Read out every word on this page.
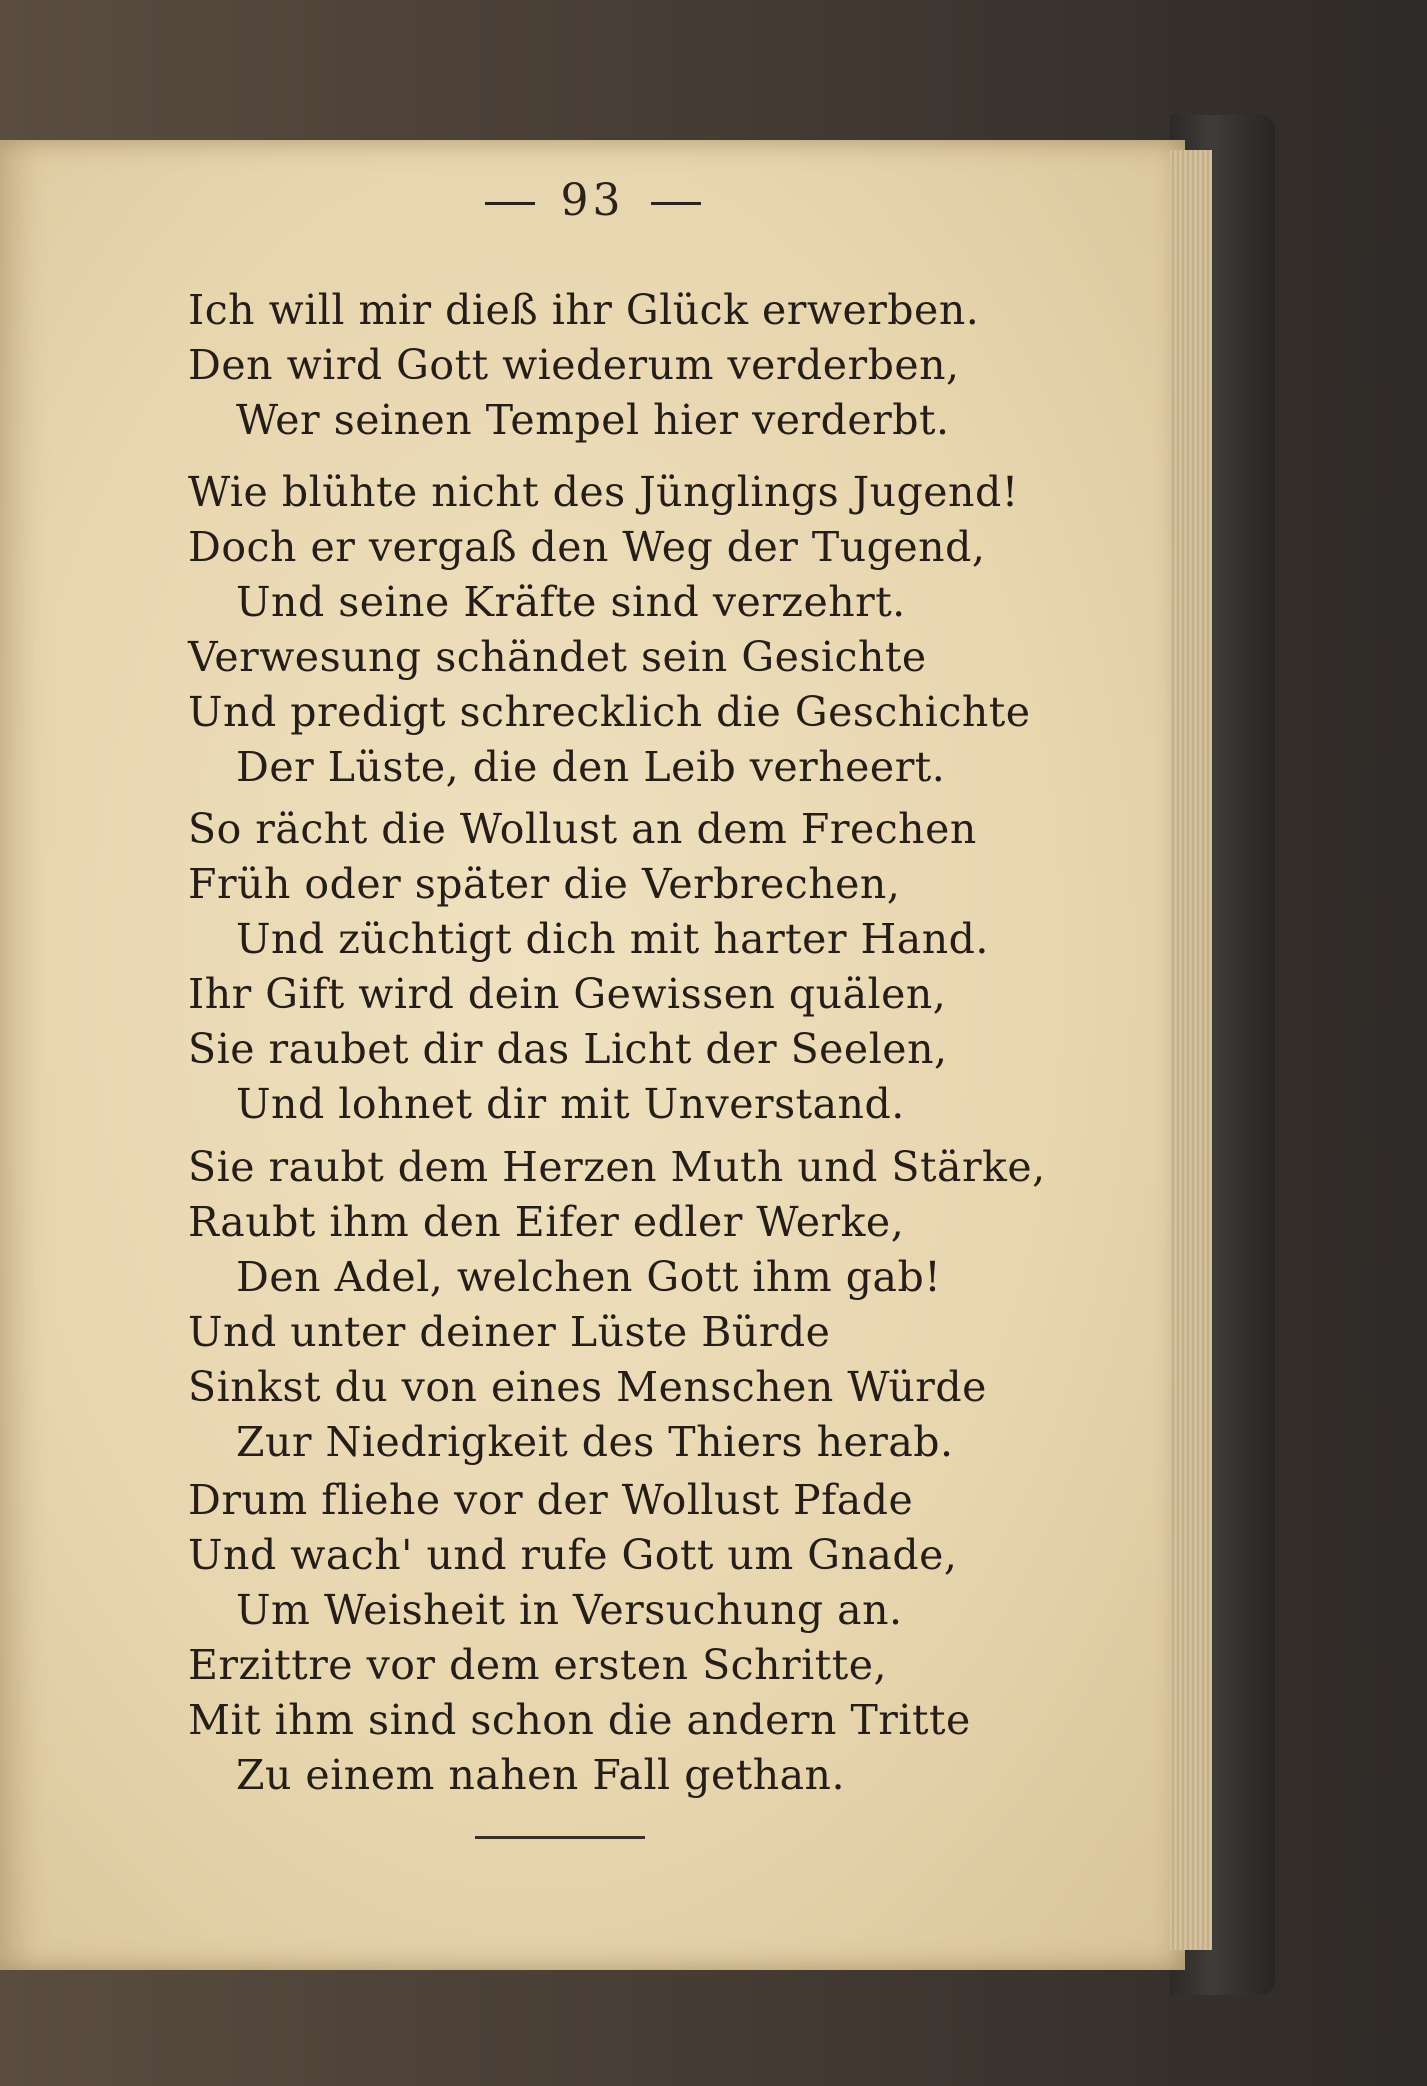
93
Ich will mir dieß ihr Glück erwerben.
Den wird Gott wiederum verderben,
Wer seinen Tempel hier verderbt.
Wie blühte nicht des Jünglings Jugend!
Doch er vergaß den Weg der Tugend,
Und seine Kräfte sind verzehrt.
Verwesung schändet sein Gesichte
Und predigt schrecklich die Geschichte
Der Lüste, die den Leib verheert.
So rächt die Wollust an dem Frechen
Früh oder später die Verbrechen,
Und züchtigt dich mit harter Hand.
Ihr Gift wird dein Gewissen quälen,
Sie raubet dir das Licht der Seelen,
Und lohnet dir mit Unverstand.
Sie raubt dem Herzen Muth und Stärke,
Raubt ihm den Eifer edler Werke,
Den Adel, welchen Gott ihm gab!
Und unter deiner Lüste Bürde
Sinkst du von eines Menschen Würde
Zur Niedrigkeit des Thiers herab.
Drum fliehe vor der Wollust Pfade
Und wach' und rufe Gott um Gnade,
Um Weisheit in Versuchung an.
Erzittre vor dem ersten Schritte,
Mit ihm sind schon die andern Tritte
Zu einem nahen Fall gethan.
